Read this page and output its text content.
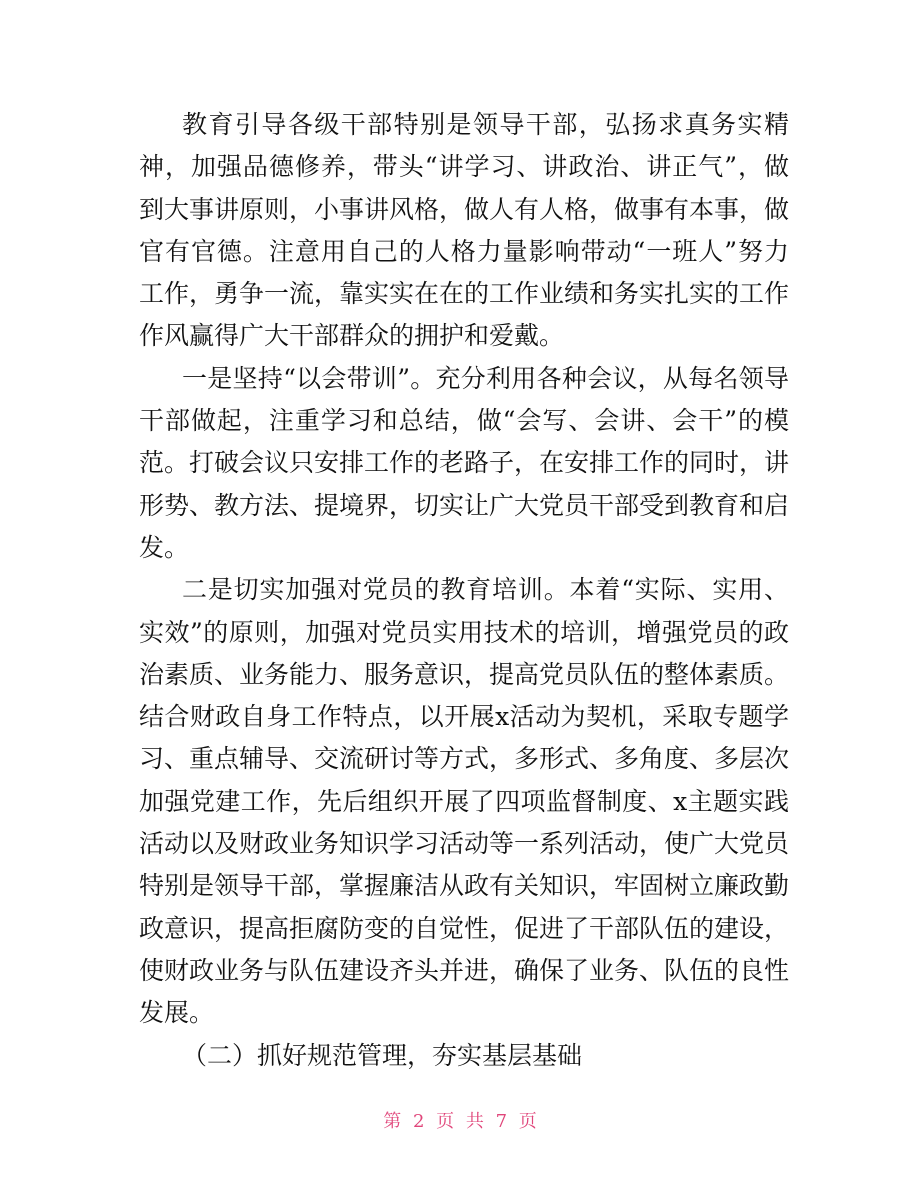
教育引导各级干部特别是领导干部，弘扬求真务实精神，加强品德修养，带头“讲学习、讲政治、讲正气”，做到大事讲原则，小事讲风格，做人有人格，做事有本事，做官有官德。注意用自己的人格力量影响带动“一班人”努力工作，勇争一流，靠实实在在的工作业绩和务实扎实的工作作风赢得广大干部群众的拥护和爱戴。

一是坚持“以会带训”。充分利用各种会议，从每名领导干部做起，注重学习和总结，做“会写、会讲、会干”的模范。打破会议只安排工作的老路子，在安排工作的同时，讲形势、教方法、提境界，切实让广大党员干部受到教育和启发。

二是切实加强对党员的教育培训。本着“实际、实用、实效”的原则，加强对党员实用技术的培训，增强党员的政治素质、业务能力、服务意识，提高党员队伍的整体素质。结合财政自身工作特点，以开展x活动为契机，采取专题学习、重点辅导、交流研讨等方式，多形式、多角度、多层次加强党建工作，先后组织开展了四项监督制度、x主题实践活动以及财政业务知识学习活动等一系列活动，使广大党员特别是领导干部，掌握廉洁从政有关知识，牢固树立廉政勤政意识，提高拒腐防变的自觉性，促进了干部队伍的建设，使财政业务与队伍建设齐头并进，确保了业务、队伍的良性发展。

（二）抓好规范管理，夯实基层基础

第 2 页 共 7 页
